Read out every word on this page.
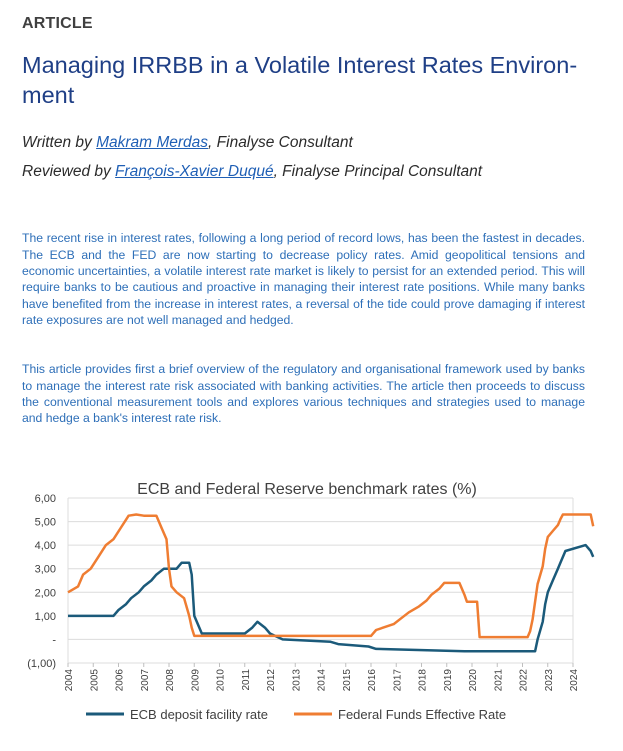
ARTICLE
Managing IRRBB in a Volatile Interest Rates Environ-ment
Written by Makram Merdas, Finalyse Consultant
Reviewed by François-Xavier Duqué, Finalyse Principal Consultant

The recent rise in interest rates, following a long period of record lows, has been the fastest in decades. The ECB and the FED are now starting to decrease policy rates. Amid geopolitical tensions and economic uncertainties, a volatile interest rate market is likely to persist for an extended period. This will require banks to be cautious and proactive in managing their interest rate positions. While many banks have benefited from the increase in interest rates, a reversal of the tide could prove damaging if interest rate exposures are not well managed and hedged.

This article provides first a brief overview of the regulatory and organisational framework used by banks to manage the interest rate risk associated with banking activities. The article then proceeds to discuss the conventional measurement tools and explores various techniques and strategies used to manage and hedge a bank's interest rate risk.

ECB and Federal Reserve benchmark rates (%)
(1,00)
-
1,00
2,00
3,00
4,00
5,00
6,00
2004 2005 2006 2007 2008 2009 2010 2011 2012 2013 2014 2015 2016 2017 2018 2019 2020 2021 2022 2023 2024
ECB deposit facility rate	Federal Funds Effective Rate
